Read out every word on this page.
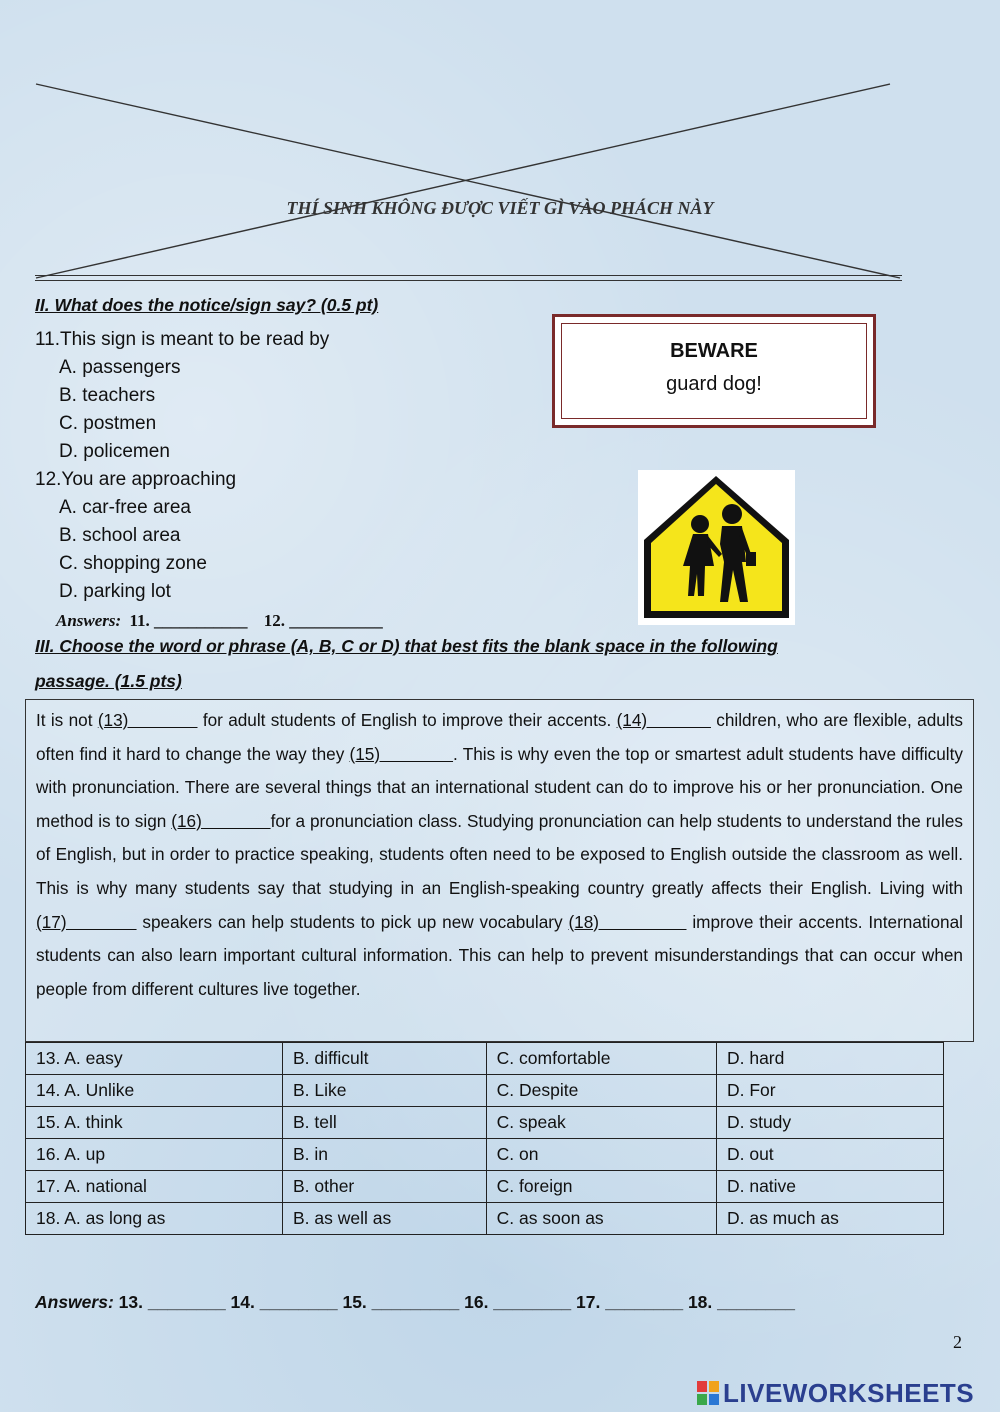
THÍ SINH KHÔNG ĐƯỢC VIẾT GÌ VÀO PHÁCH NÀY
II. What does the notice/sign say? (0.5 pt)
11.This sign is meant to be read by
A. passengers
B. teachers
C. postmen
D. policemen
12.You are approaching
A. car-free area
B. school area
C. shopping zone
D. parking lot
BEWARE
guard dog!
Answers: 11. ___________ 12. ___________
III. Choose the word or phrase (A, B, C or D) that best fits the blank space in the following
passage. (1.5 pts)
It is not (13)              for adult students of English to improve their accents. (14)             children, who are flexible, adults often find it hard to change the way they (15)              . This is why even the top or smartest adult students have difficulty with pronunciation. There are several things that an international student can do to improve his or her pronunciation. One method is to sign (16)              for a pronunciation class. Studying pronunciation can help students to understand the rules of English, but in order to practice speaking, students often need to be exposed to English outside the classroom as well. This is why many students say that studying in an English-speaking country greatly affects their English. Living with (17)             speakers can help students to pick up new vocabulary (18)                improve their accents. International students can also learn important cultural information. This can help to prevent misunderstandings that can occur when people from different cultures live together.
13. A. easy	B. difficult	C. comfortable	D. hard
14. A. Unlike	B. Like	C. Despite	D. For
15. A. think	B. tell	C. speak	D. study
16. A. up	B. in	C. on	D. out
17. A. national	B. other	C. foreign	D. native
18. A. as long as	B. as well as	C. as soon as	D. as much as
Answers: 13. ________ 14. ________ 15. _________ 16. ________ 17. ________ 18. ________
2
LIVEWORKSHEETS
